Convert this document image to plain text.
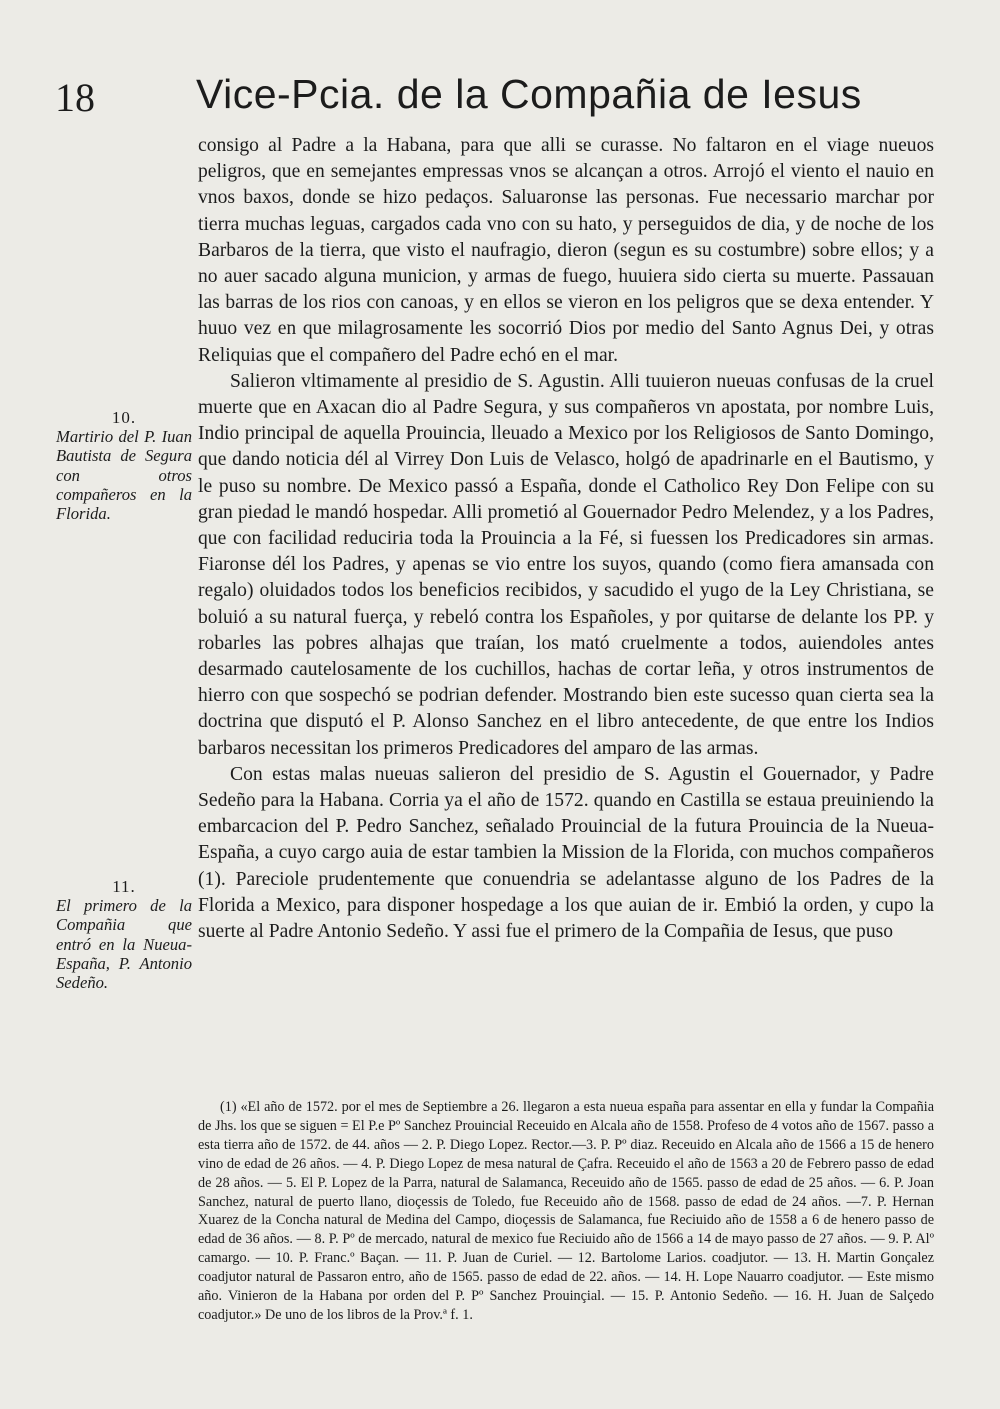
18 Vice-Pcia. de la Compañia de Iesus
10.
Martirio del P. Iuan Bautista de Segura con otros compañeros en la Florida.
11.
El primero de la Compañia que entró en la Nueua-España, P. Antonio Sedeño.

consigo al Padre a la Habana, para que alli se curasse. No faltaron en el viage nueuos peligros, que en semejantes empressas vnos se alcançan a otros. Arrojó el viento el nauio en vnos baxos, donde se hizo pedaços. Saluaronse las personas. Fue necessario marchar por tierra muchas leguas, cargados cada vno con su hato, y perseguidos de dia, y de noche de los Barbaros de la tierra, que visto el naufragio, dieron (segun es su costumbre) sobre ellos; y a no auer sacado alguna municion, y armas de fuego, huuiera sido cierta su muerte. Passauan las barras de los rios con canoas, y en ellos se vieron en los peligros que se dexa entender. Y huuo vez en que milagrosamente les socorrió Dios por medio del Santo Agnus Dei, y otras Reliquias que el compañero del Padre echó en el mar.

Salieron vltimamente al presidio de S. Agustin. Alli tuuieron nueuas confusas de la cruel muerte que en Axacan dio al Padre Segura, y sus compañeros vn apostata, por nombre Luis, Indio principal de aquella Prouincia, lleuado a Mexico por los Religiosos de Santo Domingo, que dando noticia dél al Virrey Don Luis de Velasco, holgó de apadrinarle en el Bautismo, y le puso su nombre. De Mexico passó a España, donde el Catholico Rey Don Felipe con su gran piedad le mandó hospedar. Alli prometió al Gouernador Pedro Melendez, y a los Padres, que con facilidad reduciria toda la Prouincia a la Fé, si fuessen los Predicadores sin armas. Fiaronse dél los Padres, y apenas se vio entre los suyos, quando (como fiera amansada con regalo) oluidados todos los beneficios recibidos, y sacudido el yugo de la Ley Christiana, se boluió a su natural fuerça, y rebeló contra los Españoles, y por quitarse de delante los PP. y robarles las pobres alhajas que traían, los mató cruelmente a todos, auiendoles antes desarmado cautelosamente de los cuchillos, hachas de cortar leña, y otros instrumentos de hierro con que sospechó se podrian defender. Mostrando bien este sucesso quan cierta sea la doctrina que disputó el P. Alonso Sanchez en el libro antecedente, de que entre los Indios barbaros necessitan los primeros Predicadores del amparo de las armas.

Con estas malas nueuas salieron del presidio de S. Agustin el Gouernador, y Padre Sedeño para la Habana. Corria ya el año de 1572. quando en Castilla se estaua preuiniendo la embarcacion del P. Pedro Sanchez, señalado Prouincial de la futura Prouincia de la Nueua-España, a cuyo cargo auia de estar tambien la Mission de la Florida, con muchos compañeros (1). Pareciole prudentemente que conuendria se adelantasse alguno de los Padres de la Florida a Mexico, para disponer hospedage a los que auian de ir. Embió la orden, y cupo la suerte al Padre Antonio Sedeño. Y assi fue el primero de la Compañia de Iesus, que puso

(1) «El año de 1572. por el mes de Septiembre a 26. llegaron a esta nueua españa para assentar en ella y fundar la Compañia de Jhs. los que se siguen = El P.e Pº Sanchez Prouincial Receuido en Alcala año de 1558. Profeso de 4 votos año de 1567. passo a esta tierra año de 1572. de 44. años — 2. P. Diego Lopez. Rector.—3. P. Pº diaz. Receuido en Alcala año de 1566 a 15 de henero vino de edad de 26 años. — 4. P. Diego Lopez de mesa natural de Çafra. Receuido el año de 1563 a 20 de Febrero passo de edad de 28 años. — 5. El P. Lopez de la Parra, natural de Salamanca, Receuido año de 1565. passo de edad de 25 años. — 6. P. Joan Sanchez, natural de puerto llano, dioçessis de Toledo, fue Receuido año de 1568. passo de edad de 24 años. —7. P. Hernan Xuarez de la Concha natural de Medina del Campo, dioçessis de Salamanca, fue Reciuido año de 1558 a 6 de henero passo de edad de 36 años. — 8. P. Pº de mercado, natural de mexico fue Reciuido año de 1566 a 14 de mayo passo de 27 años. — 9. P. Alº camargo. — 10. P. Franc.º Baçan. — 11. P. Juan de Curiel. — 12. Bartolome Larios. coadjutor. — 13. H. Martin Gonçalez coadjutor natural de Passaron entro, año de 1565. passo de edad de 22. años. — 14. H. Lope Nauarro coadjutor. — Este mismo año. Vinieron de la Habana por orden del P. Pº Sanchez Prouinçial. — 15. P. Antonio Sedeño. — 16. H. Juan de Salçedo coadjutor.» De uno de los libros de la Prov.ª f. 1.
